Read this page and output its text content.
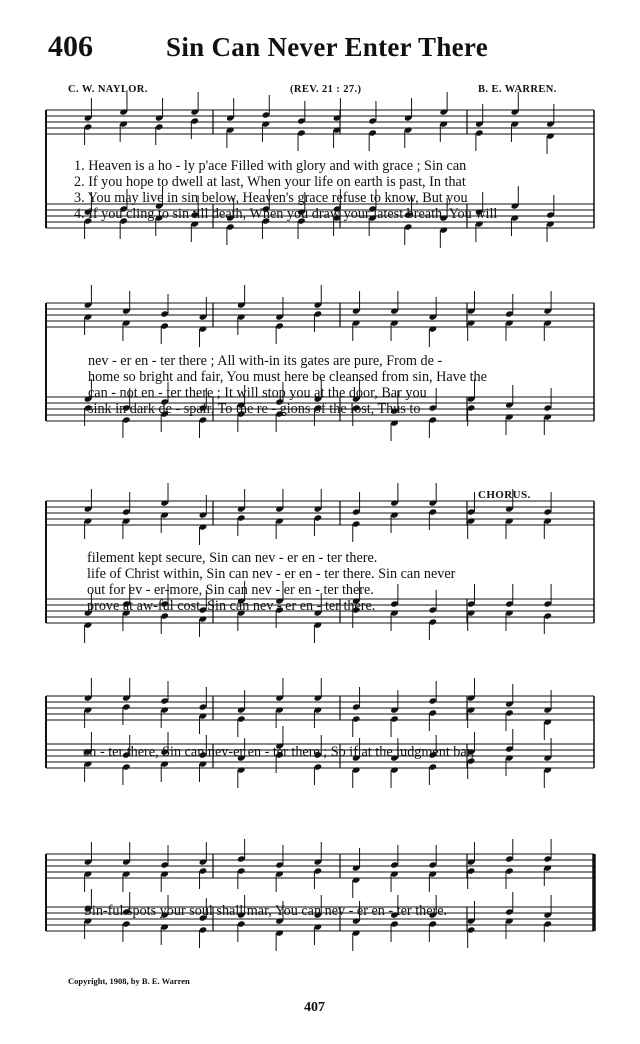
406	Sin Can Never Enter There
C. W. NAYLOR.	(REV. 21 : 27.)	B. E. WARREN.
1. Heaven is a ho - ly p'ace Filled with glory and with grace ; Sin can
2. If you hope to dwell at last, When your life on earth is past, In that
3. You may live in sin below, Heaven's grace refuse to know, But you
4. If you cling to sin till death, When you draw your latest breath, You will
nev - er en - ter there ; All with-in its gates are pure, From de -
home so bright and fair, You must here be cleansed from sin, Have the
can - not en - ter there ; It will stop you at the door, Bar you
sink in dark de - spair, To the re - gions of the lost, Thus to
CHORUS.
filement kept secure, Sin can nev - er en - ter there.
life of Christ within, Sin can nev - er en - ter there. Sin can never
out for ev - er-more, Sin can nev - er en - ter there.
prove at aw-ful cost, Sin can nev - er en - ter there.
en - ter there, Sin can nev-er en - ter there ; So if at the judgment bar,
Sin-ful spots your soul shall mar, You can nev - er en - ter there.
Copyright, 1908, by B. E. Warren
407
